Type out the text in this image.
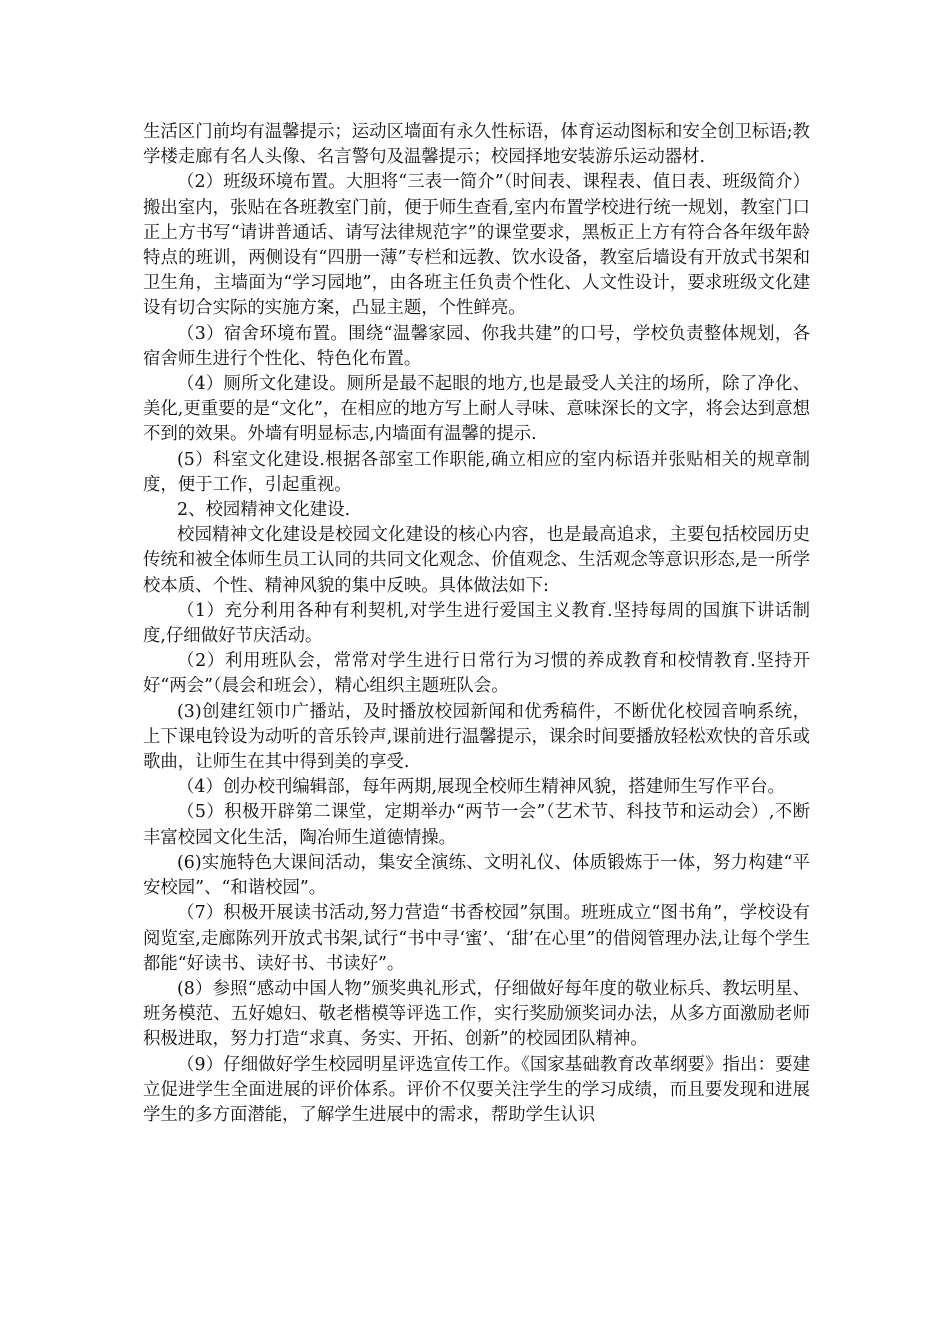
生活区门前均有温馨提示；运动区墙面有永久性标语，体育运动图标和安全创卫标语;教学楼走廊有名人头像、名言警句及温馨提示；校园择地安装游乐运动器材.

（2）班级环境布置。大胆将“三表一简介”（时间表、课程表、值日表、班级简介）搬出室内，张贴在各班教室门前，便于师生查看,室内布置学校进行统一规划，教室门口正上方书写“请讲普通话、请写法律规范字”的课堂要求，黑板正上方有符合各年级年龄特点的班训，两侧设有“四册一薄”专栏和远教、饮水设备，教室后墙设有开放式书架和卫生角，主墙面为“学习园地”，由各班主任负责个性化、人文性设计，要求班级文化建设有切合实际的实施方案，凸显主题，个性鲜亮。

（3）宿舍环境布置。围绕“温馨家园、你我共建”的口号，学校负责整体规划，各宿舍师生进行个性化、特色化布置。

（4）厕所文化建设。厕所是最不起眼的地方,也是最受人关注的场所，除了净化、美化,更重要的是“文化”，在相应的地方写上耐人寻味、意味深长的文字，将会达到意想不到的效果。外墙有明显标志,内墙面有温馨的提示.

(5）科室文化建设.根据各部室工作职能,确立相应的室内标语并张贴相关的规章制度，便于工作，引起重视。

2、校园精神文化建设.

校园精神文化建设是校园文化建设的核心内容，也是最高追求，主要包括校园历史传统和被全体师生员工认同的共同文化观念、价值观念、生活观念等意识形态,是一所学校本质、个性、精神风貌的集中反映。具体做法如下:

（1）充分利用各种有利契机,对学生进行爱国主义教育.坚持每周的国旗下讲话制度,仔细做好节庆活动。

（2）利用班队会，常常对学生进行日常行为习惯的养成教育和校情教育.坚持开好“两会”（晨会和班会），精心组织主题班队会。

(3)创建红领巾广播站，及时播放校园新闻和优秀稿件，不断优化校园音响系统，上下课电铃设为动听的音乐铃声,课前进行温馨提示，课余时间要播放轻松欢快的音乐或歌曲，让师生在其中得到美的享受.

（4）创办校刊编辑部，每年两期,展现全校师生精神风貌，搭建师生写作平台。

（5）积极开辟第二课堂，定期举办“两节一会”（艺术节、科技节和运动会）,不断丰富校园文化生活，陶冶师生道德情操。

(6)实施特色大课间活动，集安全演练、文明礼仪、体质锻炼于一体，努力构建“平安校园”、“和谐校园”。

（7）积极开展读书活动,努力营造“书香校园”氛围。班班成立“图书角”，学校设有阅览室,走廊陈列开放式书架,试行“书中寻‘蜜’、‘甜’在心里”的借阅管理办法,让每个学生都能“好读书、读好书、书读好”。

(8）参照“感动中国人物”颁奖典礼形式，仔细做好每年度的敬业标兵、教坛明星、班务模范、五好媳妇、敬老楷模等评选工作，实行奖励颁奖词办法，从多方面激励老师积极进取，努力打造“求真、务实、开拓、创新”的校园团队精神。

（9）仔细做好学生校园明星评选宣传工作。《国家基础教育改革纲要》指出：要建立促进学生全面进展的评价体系。评价不仅要关注学生的学习成绩，而且要发现和进展学生的多方面潜能，了解学生进展中的需求，帮助学生认识
